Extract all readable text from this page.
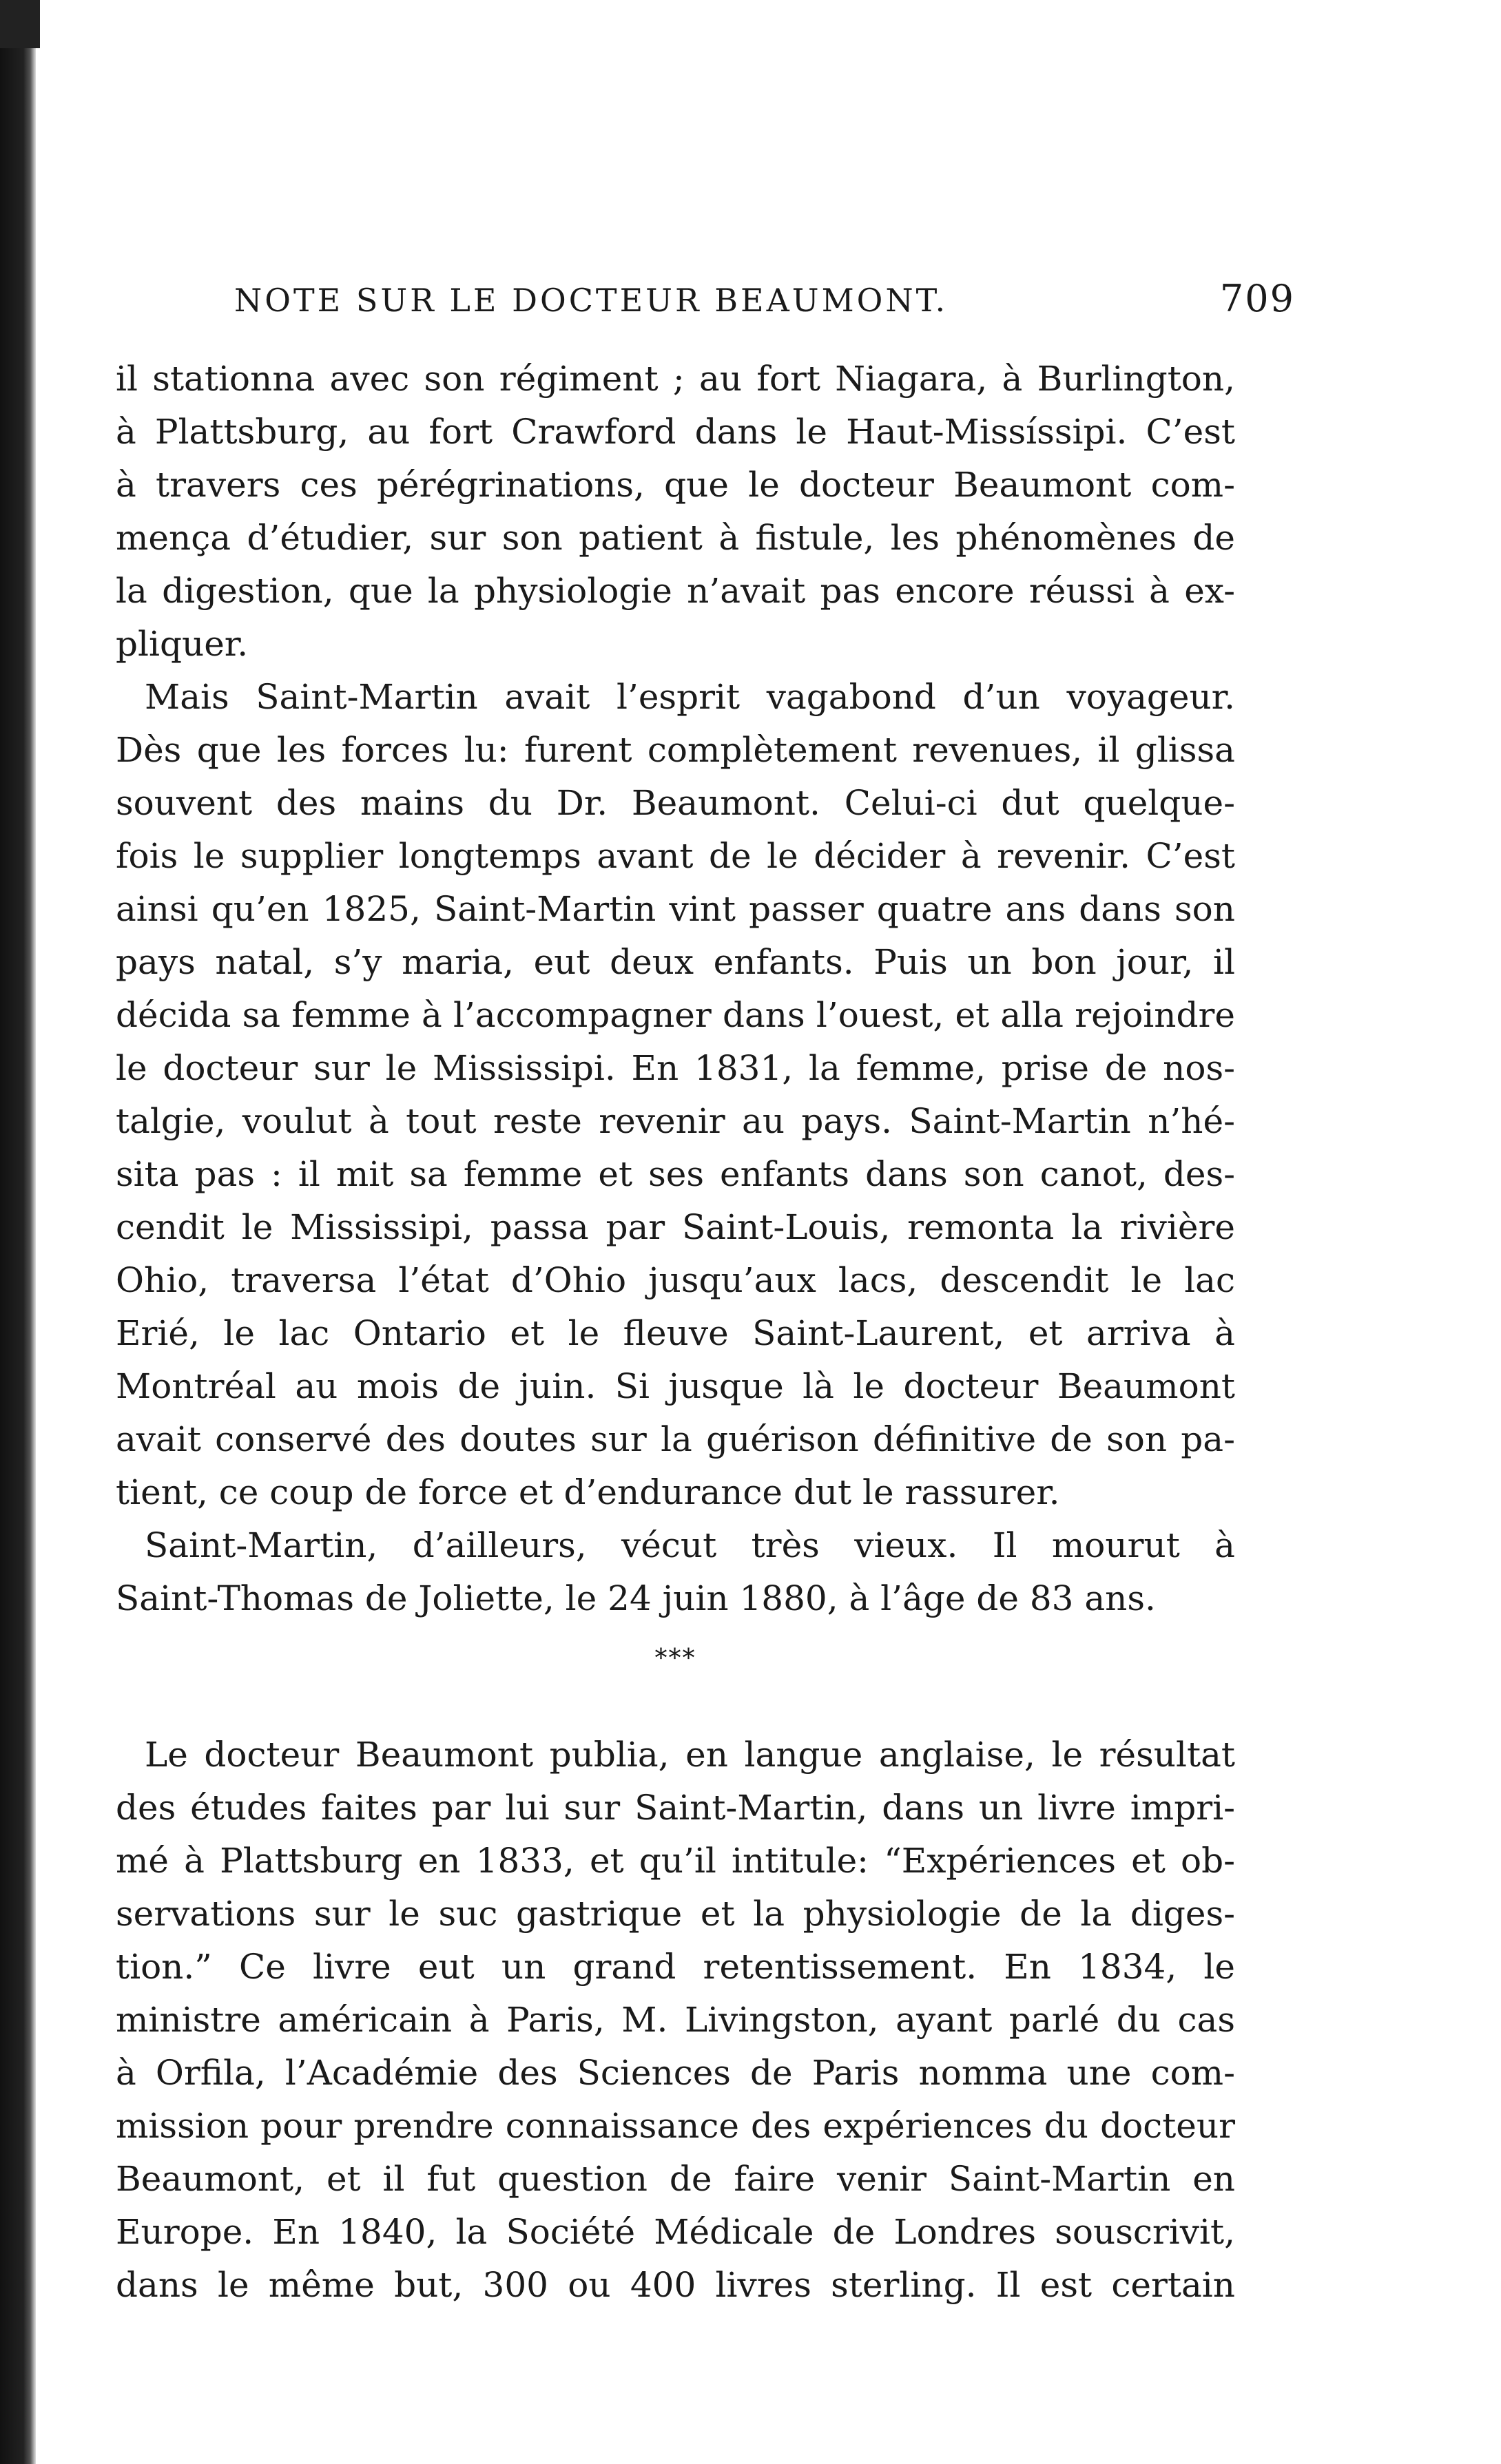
NOTE SUR LE DOCTEUR BEAUMONT.	709
il stationna avec son régiment ; au fort Niagara, à Burlington,
à Plattsburg, au fort Crawford dans le Haut-Missíssipi. C’est
à travers ces pérégrinations, que le docteur Beaumont com-
mença d’étudier, sur son patient à fistule, les phénomènes de
la digestion, que la physiologie n’avait pas encore réussi à ex-
pliquer.
Mais Saint-Martin avait l’esprit vagabond d’un voyageur.
Dès que les forces lu: furent complètement revenues, il glissa
souvent des mains du Dr. Beaumont. Celui-ci dut quelque-
fois le supplier longtemps avant de le décider à revenir. C’est
ainsi qu’en 1825, Saint-Martin vint passer quatre ans dans son
pays natal, s’y maria, eut deux enfants. Puis un bon jour, il
décida sa femme à l’accompagner dans l’ouest, et alla rejoindre
le docteur sur le Mississipi. En 1831, la femme, prise de nos-
talgie, voulut à tout reste revenir au pays. Saint-Martin n’hé-
sita pas : il mit sa femme et ses enfants dans son canot, des-
cendit le Mississipi, passa par Saint-Louis, remonta la rivière
Ohio, traversa l’état d’Ohio jusqu’aux lacs, descendit le lac
Erié, le lac Ontario et le fleuve Saint-Laurent, et arriva à
Montréal au mois de juin. Si jusque là le docteur Beaumont
avait conservé des doutes sur la guérison définitive de son pa-
tient, ce coup de force et d’endurance dut le rassurer.
Saint-Martin, d’ailleurs, vécut très vieux. Il mourut à
Saint-Thomas de Joliette, le 24 juin 1880, à l’âge de 83 ans.
***
Le docteur Beaumont publia, en langue anglaise, le résultat
des études faites par lui sur Saint-Martin, dans un livre impri-
mé à Plattsburg en 1833, et qu’il intitule: “Expériences et ob-
servations sur le suc gastrique et la physiologie de la diges-
tion.” Ce livre eut un grand retentissement. En 1834, le
ministre américain à Paris, M. Livingston, ayant parlé du cas
à Orfila, l’Académie des Sciences de Paris nomma une com-
mission pour prendre connaissance des expériences du docteur
Beaumont, et il fut question de faire venir Saint-Martin en
Europe. En 1840, la Société Médicale de Londres souscrivit,
dans le même but, 300 ou 400 livres sterling. Il est certain
